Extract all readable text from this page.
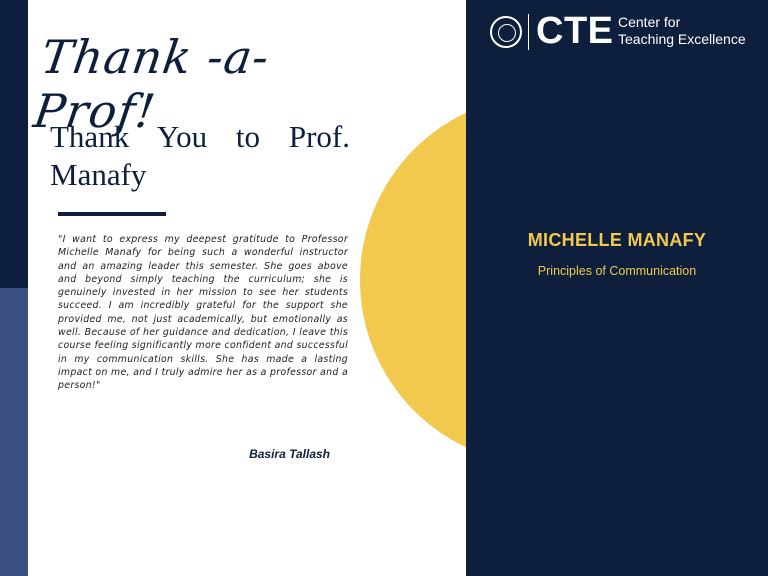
Thank -a- Prof!
Thank You to Prof. Manafy
"I want to express my deepest gratitude to Professor Michelle Manafy for being such a wonderful instructor and an amazing leader this semester. She goes above and beyond simply teaching the curriculum; she is genuinely invested in her mission to see her students succeed. I am incredibly grateful for the support she provided me, not just academically, but emotionally as well. Because of her guidance and dedication, I leave this course feeling significantly more confident and successful in my communication skills. She has made a lasting impact on me, and I truly admire her as a professor and a person!"
Basira Tallash
CTE Center for
Teaching Excellence
MICHELLE MANAFY
Principles of Communication
